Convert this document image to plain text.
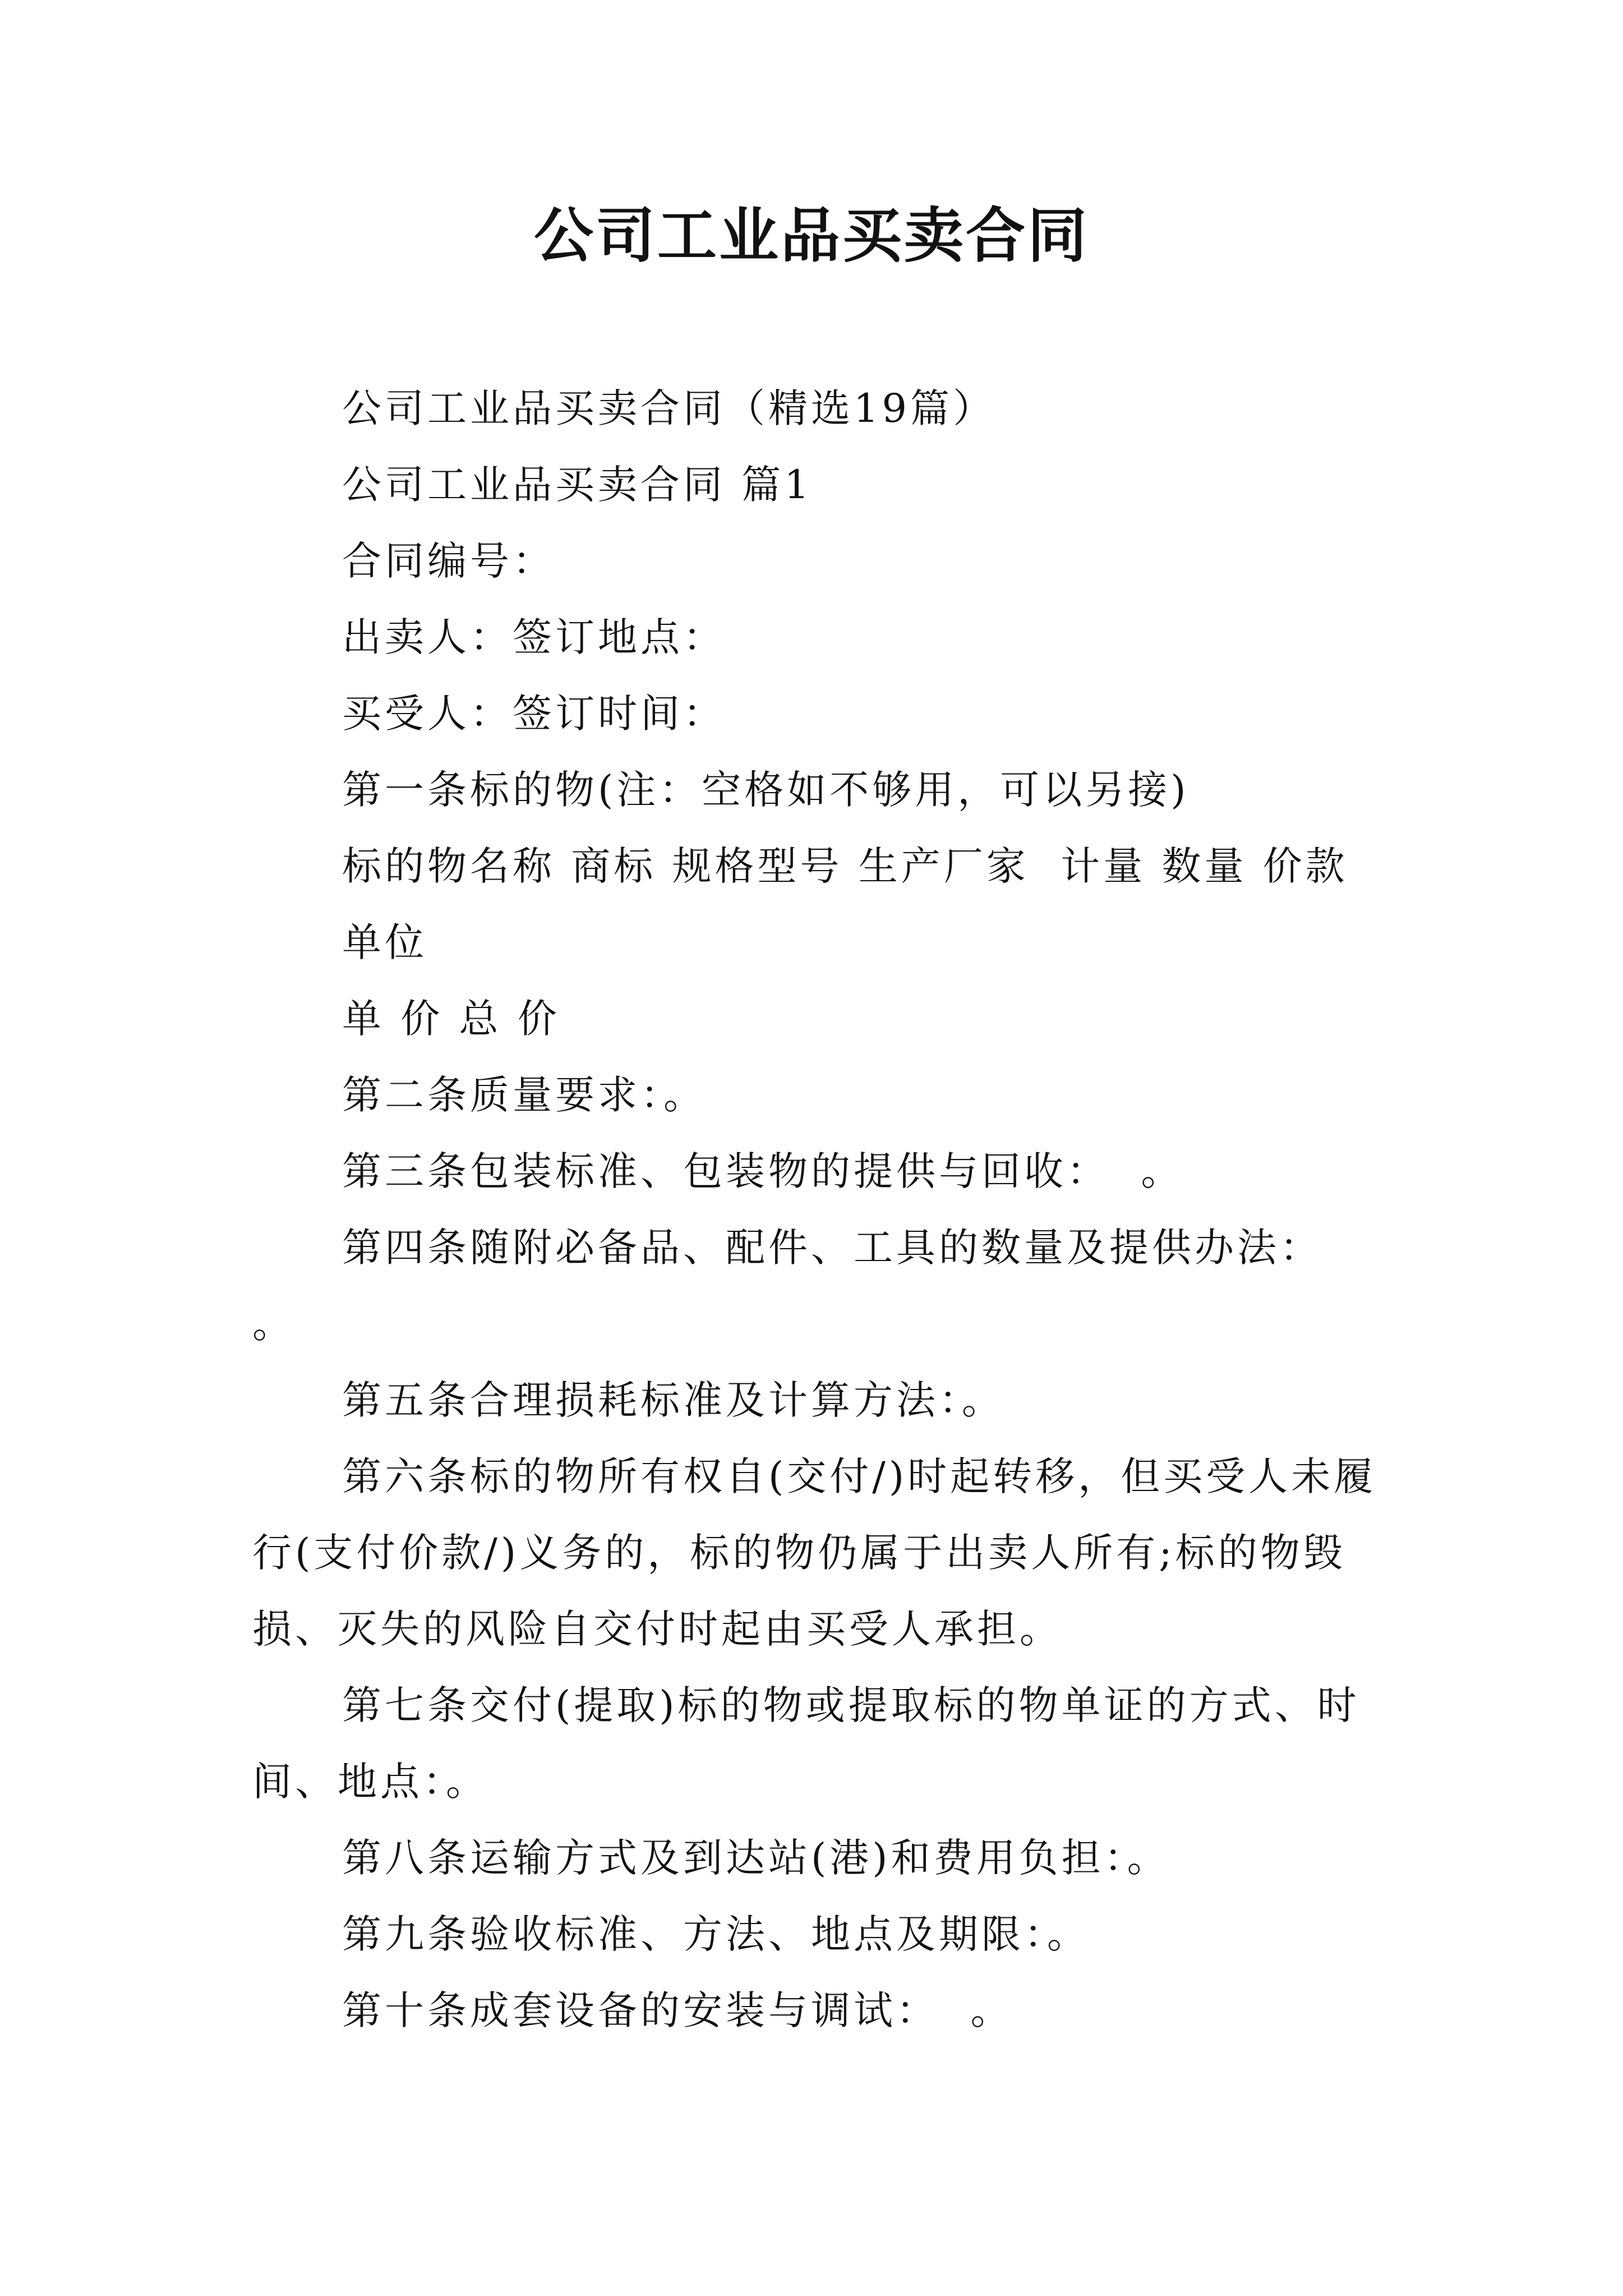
公司工业品买卖合同

公司工业品买卖合同（精选19篇）

公司工业品买卖合同 篇1

合同编号：

出卖人：签订地点：

买受人：签订时间：

第一条标的物(注：空格如不够用，可以另接)

标的物名称 商标 规格型号 生产厂家  计量 数量 价款

单位

单 价 总 价

第二条质量要求：。

第三条包装标准、包装物的提供与回收：  。

第四条随附必备品、配件、工具的数量及提供办法：  。

第五条合理损耗标准及计算方法：。

第六条标的物所有权自(交付/)时起转移，但买受人未履行(支付价款/)义务的，标的物仍属于出卖人所有;标的物毁损、灭失的风险自交付时起由买受人承担。

第七条交付(提取)标的物或提取标的物单证的方式、时间、地点：。

第八条运输方式及到达站(港)和费用负担：。

第九条验收标准、方法、地点及期限：。

第十条成套设备的安装与调试：  。
